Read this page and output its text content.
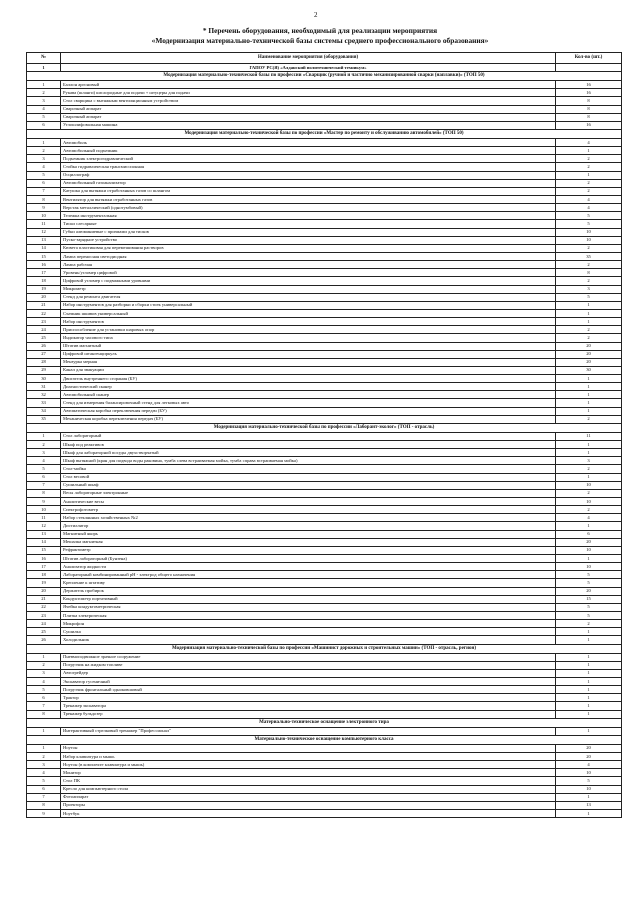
2
* Перечень оборудования, необходимый для реализации мероприятия
«Модернизация материально-технической базы системы среднего профессионального образования»
№	Наименование мероприятия (оборудования)	Кол-во (шт.)
1	ГАПОУ РС(Я) «Алданский политехнический техникум»	
Модернизация материально-технической базы по профессии «Сварщик (ручной и частично механизированной сварки (наплавки)» (ТОП 50)		
1	Баллон аргоновый	16
2	Рукава (шланги) кислородные для подачи + штуцеры для подачи	16
3	Стол сварщика с вытяжным вентиляционным устройством	8
4	Сварочный аппарат	8
5	Сварочный аппарат	8
6	Углошлифовальная машина	16
Модернизация материально-технической базы по профессии «Мастер по ремонту и обслуживанию автомобилей» (ТОП 50)		
1	Автомобиль	4
2	Автомобильный подъемник	1
3	Подъемник электрогидравлический	2
4	Стойка гидравлическая трансмиссионная	2
5	Осциллограф	1
6	Автомобильный газоанализатор	2
7	Катушка для вытяжки отработанных газов со шлангом	2
8	Вентилятор для вытяжки отработанных газов	4
9	Верстак металлический (однотумбовый)	4
10	Тележка инструментальная	5
11	Тиски слесарные	5
12	Губки алюминиевые с призмами для тисков	10
13	Пуско-зарядное устройство	10
14	Кювета пластиковая для перемешивания растворов	2
15	Лампа переносная светодиодная	35
16	Лампа рабочая	2
17	Уровень/угломер цифровой	8
18	Цифровой угломер с подвижными уровнями	2
19	Микрометр	3
20	Стенд для ремонта двигателя	5
21	Набор инструментов для разборки и сборки стоек универсальный	1
22	Съемник шкивов универсальный	1
23	Набор инструментов	1
24	Приспособление для установки шаровых опор	2
25	Индикатор часового типа	2
26	Штатив магнитный	20
27	Цифровой штангенциркуль	20
28	Мензурка мерная	20
29	Канал для эвакуации	30
30	Двигатель внутреннего сгорания (БУ)	1
31	Диагностический сканер	1
32	Автомобильный сканер	1
33	Стенд для измерения балансировочный стенд для легковых авто	1
34	Автоматическая коробка переключения передач (БУ)	1
35	Механическая коробка переключения передач (БУ)	2
Модернизация материально-технической базы по профессии «Лаборант-эколог» (ТОП - отрасль)		
1	Стол лабораторный	11
2	Шкаф под реактивов	1
3	Шкаф для лабораторной посуды двухстворчатый	1
4	Шкаф вытяжной (кран для подвода воды раковина, тумба слева встраиваемая мойка, тумба справа встраиваемая мойка)	3
5	Стол-мойка	2
6	Стол весовой	1
7	Сушильный шкаф	10
8	Весы лабораторные электронные	2
9	Аналитические весы	10
10	Спектрофотометр	2
11	Набор стеклянных хозяйственных №2	4
12	Дистиллятор	1
13	Магнитный якорь	6
14	Мешалка магнитная	20
15	Рефрактометр	10
16	Штатив лабораторный (Бунзена)	1
17	Анализатор жидкости	10
18	Лабораторный комбинированный pH - электрод общего назначения	5
19	Крепление к штативу	5
20	Держатель пробирок	20
21	Кондуктометр портативный	15
22	Ячейка кондуктометрическая	5
23	Плитка электрическая	5
24	Микрофон	2
25	Сушилка	1
26	Холодильник	1
Модернизация материально-технической базы по профессии «Машинист дорожных и строительных машин» (ТОП - отрасль, регион)		
1	Пневмоподвижное зрачное сооружение	1
2	Погрузчик на жидком топливе	1
3	Автогрейдер	1
4	Экскаватор гусеничный	1
5	Погрузчик фронтальный одноковшовый	1
6	Трактор	1
7	Тренажер экскаватора	1
8	Тренажер бульдозер	1
Материально-техническое оснащение электронного тира		
1	Интерактивный стрелковый тренажер "Профессионал"	1
Материально-техническое оснащение компьютерного класса		
1	Ноутон	20
2	Набор клавиатура и мышь	20
3	Ноутон (в комплекте клавиатура и мышь)	4
4	Монитор	10
5	Стол ПК	5
6	Кресло для компьютерного стола	10
7	Фотоаппарат	1
8	Проекторы	13
9	Ноутбук	1
